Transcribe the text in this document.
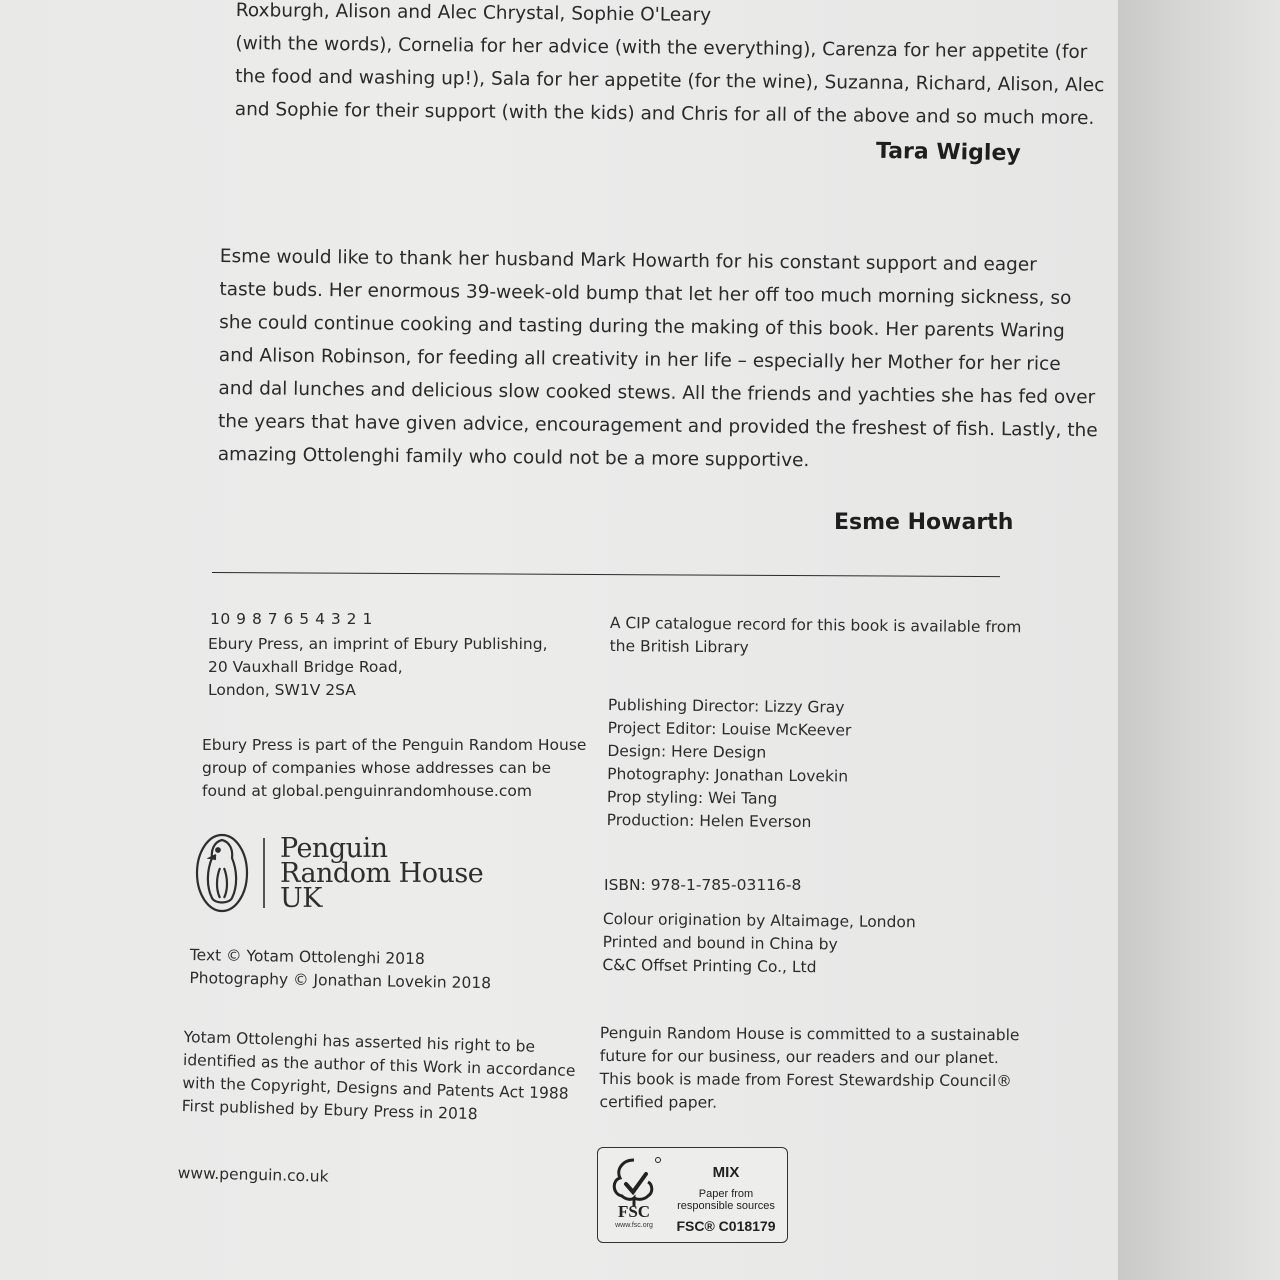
Roxburgh, Alison and Alec Chrystal, Sophie O'Leary
(with the words), Cornelia for her advice (with the everything), Carenza for her appetite (for
the food and washing up!), Sala for her appetite (for the wine), Suzanna, Richard, Alison, Alec
and Sophie for their support (with the kids) and Chris for all of the above and so much more.
Tara Wigley
Esme would like to thank her husband Mark Howarth for his constant support and eager
taste buds. Her enormous 39-week-old bump that let her off too much morning sickness, so
she could continue cooking and tasting during the making of this book. Her parents Waring
and Alison Robinson, for feeding all creativity in her life – especially her Mother for her rice
and dal lunches and delicious slow cooked stews. All the friends and yachties she has fed over
the years that have given advice, encouragement and provided the freshest of fish. Lastly, the
amazing Ottolenghi family who could not be a more supportive.
Esme Howarth
10 9 8 7 6 5 4 3 2 1
Ebury Press, an imprint of Ebury Publishing,
20 Vauxhall Bridge Road,
London, SW1V 2SA
Ebury Press is part of the Penguin Random House
group of companies whose addresses can be
found at global.penguinrandomhouse.com
Penguin
Random House
UK
Text © Yotam Ottolenghi 2018
Photography © Jonathan Lovekin 2018
Yotam Ottolenghi has asserted his right to be
identified as the author of this Work in accordance
with the Copyright, Designs and Patents Act 1988
First published by Ebury Press in 2018
www.penguin.co.uk
A CIP catalogue record for this book is available from
the British Library
Publishing Director: Lizzy Gray
Project Editor: Louise McKeever
Design: Here Design
Photography: Jonathan Lovekin
Prop styling: Wei Tang
Production: Helen Everson
ISBN: 978-1-785-03116-8
Colour origination by Altaimage, London
Printed and bound in China by
C&C Offset Printing Co., Ltd
Penguin Random House is committed to a sustainable
future for our business, our readers and our planet.
This book is made from Forest Stewardship Council®
certified paper.
FSC
www.fsc.org
MIX
Paper from
responsible sources
FSC® C018179
